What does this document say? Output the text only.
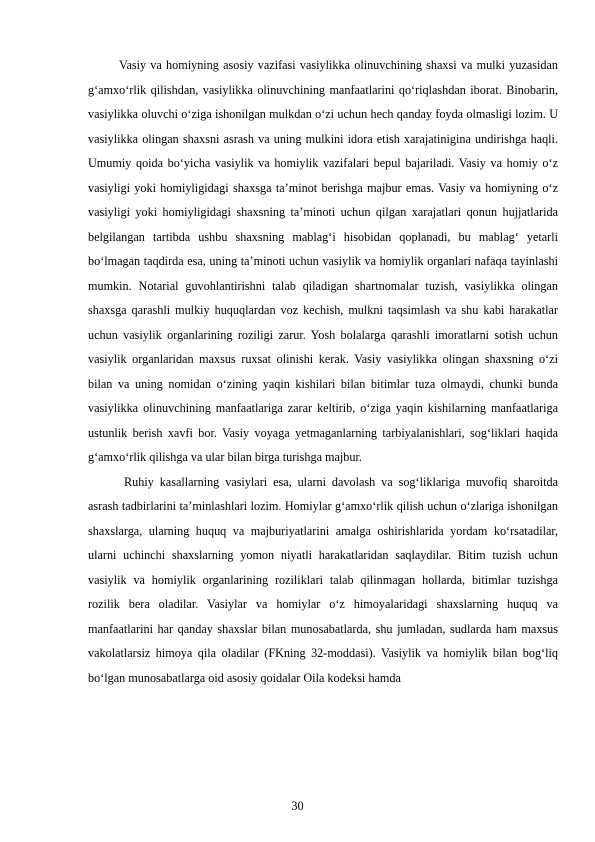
Vasiy va homiyning asosiy vazifasi vasiylikka olinuvchining shaxsi va mulki yuzasidan g‘amxo‘rlik qilishdan, vasiylikka olinuvchining manfaatlarini qo‘riqlashdan iborat. Binobarin, vasiylikka oluvchi o‘ziga ishonilgan mulkdan o‘zi uchun hech qanday foyda olmasligi lozim. U vasiylikka olingan shaxsni asrash va uning mulkini idora etish xarajatinigina undirishga haqli. Umumiy qoida bo‘yicha vasiylik va homiylik vazifalari bepul bajariladi. Vasiy va homiy o‘z vasiyligi yoki homiyligidagi shaxsga ta’minot berishga majbur emas. Vasiy va homiyning o‘z vasiyligi yoki homiyligidagi shaxsning ta’minoti uchun qilgan xarajatlari qonun hujjatlarida belgilangan tartibda ushbu shaxsning mablag‘i hisobidan qoplanadi, bu mablag‘ yetarli bo‘lmagan taqdirda esa, uning ta’minoti uchun vasiylik va homiylik organlari nafaqa tayinlashi mumkin. Notarial guvohlantirishni talab qiladigan shartnomalar tuzish, vasiylikka olingan shaxsga qarashli mulkiy huquqlardan voz kechish, mulkni taqsimlash va shu kabi harakatlar uchun vasiylik organlarining roziligi zarur. Yosh bolalarga qarashli imoratlarni sotish uchun vasiylik organlaridan maxsus ruxsat olinishi kerak. Vasiy vasiylikka olingan shaxsning o‘zi bilan va uning nomidan o‘zining yaqin kishilari bilan bitimlar tuza olmaydi, chunki bunda vasiylikka olinuvchining manfaatlariga zarar keltirib, o‘ziga yaqin kishilarning manfaatlariga ustunlik berish xavfi bor. Vasiy voyaga yetmaganlarning tarbiyalanishlari, sog‘liklari haqida g‘amxo‘rlik qilishga va ular bilan birga turishga majbur.

Ruhiy kasallarning vasiylari esa, ularni davolash va sog‘liklariga muvofiq sharoitda asrash tadbirlarini ta’minlashlari lozim. Homiylar g‘amxo‘rlik qilish uchun o‘zlariga ishonilgan shaxslarga, ularning huquq va majburiyatlarini amalga oshirishlarida yordam ko‘rsatadilar, ularni uchinchi shaxslarning yomon niyatli harakatlaridan saqlaydilar. Bitim tuzish uchun vasiylik va homiylik organlarining roziliklari talab qilinmagan hollarda, bitimlar tuzishga rozilik bera oladilar. Vasiylar va homiylar o‘z himoyalaridagi shaxslarning huquq va manfaatlarini har qanday shaxslar bilan munosabatlarda, shu jumladan, sudlarda ham maxsus vakolatlarsiz himoya qila oladilar (FKning 32-moddasi). Vasiylik va homiylik bilan bog‘liq bo‘lgan munosabatlarga oid asosiy qoidalar Oila kodeksi hamda

30
